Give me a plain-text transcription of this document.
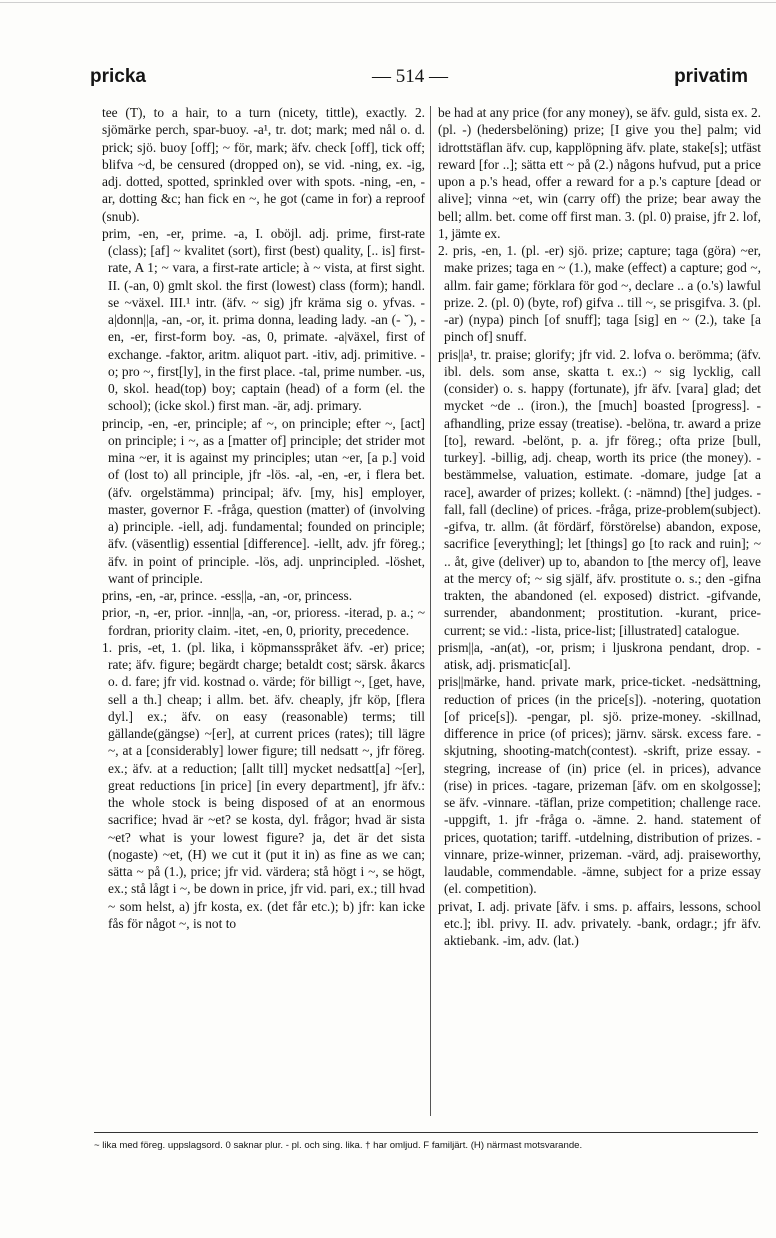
pricka	— 514 —	privatim

tee (T), to a hair, to a turn (nicety, tittle), exactly. 2. sjömärke perch, spar-buoy. -a¹, tr. dot; mark; med nål o. d. prick; sjö. buoy [off]; ~ för, mark; äfv. check [off], tick off; blifva ~d, be censured (dropped on), se vid. -ning, ex. -ig, adj. dotted, spotted, sprinkled over with spots. -ning, -en, -ar, dotting &c; han fick en ~, he got (came in for) a reproof (snub).

prim, -en, -er, prime. -a, I. oböjl. adj. prime, first-rate (class); [af] ~ kvalitet (sort), first (best) quality, [.. is] first-rate, A 1; ~ vara, a first-rate article; à ~ vista, at first sight. II. (-an, 0) gmlt skol. the first (lowest) class (form); handl. se ~växel. III.¹ intr. (äfv. ~ sig) jfr kräma sig o. yfvas. -a|donn||a, -an, -or, it. prima donna, leading lady. -an (- ˘), -en, -er, first-form boy. -as, 0, primate. -a|växel, first of exchange. -faktor, aritm. aliquot part. -itiv, adj. primitive. -o; pro ~, first[ly], in the first place. -tal, prime number. -us, 0, skol. head(top) boy; captain (head) of a form (el. the school); (icke skol.) first man. -är, adj. primary.

princip, -en, -er, principle; af ~, on principle; efter ~, [act] on principle; i ~, as a [matter of] principle; det strider mot mina ~er, it is against my principles; utan ~er, [a p.] void of (lost to) all principle, jfr -lös. -al, -en, -er, i flera bet. (äfv. orgelstämma) principal; äfv. [my, his] employer, master, governor F. -fråga, question (matter) of (involving a) principle. -iell, adj. fundamental; founded on principle; äfv. (väsentlig) essential [difference]. -iellt, adv. jfr föreg.; äfv. in point of principle. -lös, adj. unprincipled. -löshet, want of principle.

prins, -en, -ar, prince. -ess||a, -an, -or, princess.

prior, -n, -er, prior. -inn||a, -an, -or, prioress. -iterad, p. a.; ~ fordran, priority claim. -itet, -en, 0, priority, precedence.

1. pris, -et, 1. (pl. lika, i köpmansspråket äfv. -er) price; rate; äfv. figure; begärdt charge; betaldt cost; särsk. åkarcs o. d. fare; jfr vid. kostnad o. värde; för billigt ~, [get, have, sell a th.] cheap; i allm. bet. äfv. cheaply, jfr köp, [flera dyl.] ex.; äfv. on easy (reasonable) terms; till gällande(gängse) ~[er], at current prices (rates); till lägre ~, at a [considerably] lower figure; till nedsatt ~, jfr föreg. ex.; äfv. at a reduction; [allt till] mycket nedsatt[a] ~[er], great reductions [in price] [in every department], jfr äfv.: the whole stock is being disposed of at an enormous sacrifice; hvad är ~et? se kosta, dyl. frågor; hvad är sista ~et? what is your lowest figure? ja, det är det sista (nogaste) ~et, (H) we cut it (put it in) as fine as we can; sätta ~ på (1.), price; jfr vid. värdera; stå högt i ~, se högt, ex.; stå lågt i ~, be down in price, jfr vid. pari, ex.; till hvad ~ som helst, a) jfr kosta, ex. (det får etc.); b) jfr: kan icke fås för något ~, is not to

be had at any price (for any money), se äfv. guld, sista ex. 2. (pl. -) (hedersbelöning) prize; [I give you the] palm; vid idrottstäflan äfv. cup, kapplöpning äfv. plate, stake[s]; utfäst reward [for ..]; sätta ett ~ på (2.) någons hufvud, put a price upon a p.'s head, offer a reward for a p.'s capture [dead or alive]; vinna ~et, win (carry off) the prize; bear away the bell; allm. bet. come off first man. 3. (pl. 0) praise, jfr 2. lof, 1, jämte ex.

2. pris, -en, 1. (pl. -er) sjö. prize; capture; taga (göra) ~er, make prizes; taga en ~ (1.), make (effect) a capture; god ~, allm. fair game; förklara för god ~, declare .. a (o.'s) lawful prize. 2. (pl. 0) (byte, rof) gifva .. till ~, se prisgifva. 3. (pl. -ar) (nypa) pinch [of snuff]; taga [sig] en ~ (2.), take [a pinch of] snuff.

pris||a¹, tr. praise; glorify; jfr vid. 2. lofva o. berömma; (äfv. ibl. dels. som anse, skatta t. ex.:) ~ sig lycklig, call (consider) o. s. happy (fortunate), jfr äfv. [vara] glad; det mycket ~de .. (iron.), the [much] boasted [progress]. -afhandling, prize essay (treatise). -belöna, tr. award a prize [to], reward. -belönt, p. a. jfr föreg.; ofta prize [bull, turkey]. -billig, adj. cheap, worth its price (the money). -bestämmelse, valuation, estimate. -domare, judge [at a race], awarder of prizes; kollekt. (: -nämnd) [the] judges. -fall, fall (decline) of prices. -fråga, prize-problem(subject). -gifva, tr. allm. (åt fördärf, förstörelse) abandon, expose, sacrifice [everything]; let [things] go [to rack and ruin]; ~ .. åt, give (deliver) up to, abandon to [the mercy of], leave at the mercy of; ~ sig själf, äfv. prostitute o. s.; den -gifna trakten, the abandoned (el. exposed) district. -gifvande, surrender, abandonment; prostitution. -kurant, price-current; se vid.: -lista, price-list; [illustrated] catalogue.

prism||a, -an(at), -or, prism; i ljuskrona pendant, drop. -atisk, adj. prismatic[al].

pris||märke, hand. private mark, price-ticket. -nedsättning, reduction of prices (in the price[s]). -notering, quotation [of price[s]). -pengar, pl. sjö. prize-money. -skillnad, difference in price (of prices); järnv. särsk. excess fare. -skjutning, shooting-match(contest). -skrift, prize essay. -stegring, increase of (in) price (el. in prices), advance (rise) in prices. -tagare, prizeman [äfv. om en skolgosse]; se äfv. -vinnare. -täflan, prize competition; challenge race. -uppgift, 1. jfr -fråga o. -ämne. 2. hand. statement of prices, quotation; tariff. -utdelning, distribution of prizes. -vinnare, prize-winner, prizeman. -värd, adj. praiseworthy, laudable, commendable. -ämne, subject for a prize essay (el. competition).

privat, I. adj. private [äfv. i sms. p. affairs, lessons, school etc.]; ibl. privy. II. adv. privately. -bank, ordagr.; jfr äfv. aktiebank. -im, adv. (lat.)

~ lika med föreg. uppslagsord. 0 saknar plur. - pl. och sing. lika. † har omljud. F familjärt. (H) närmast motsvarande.
